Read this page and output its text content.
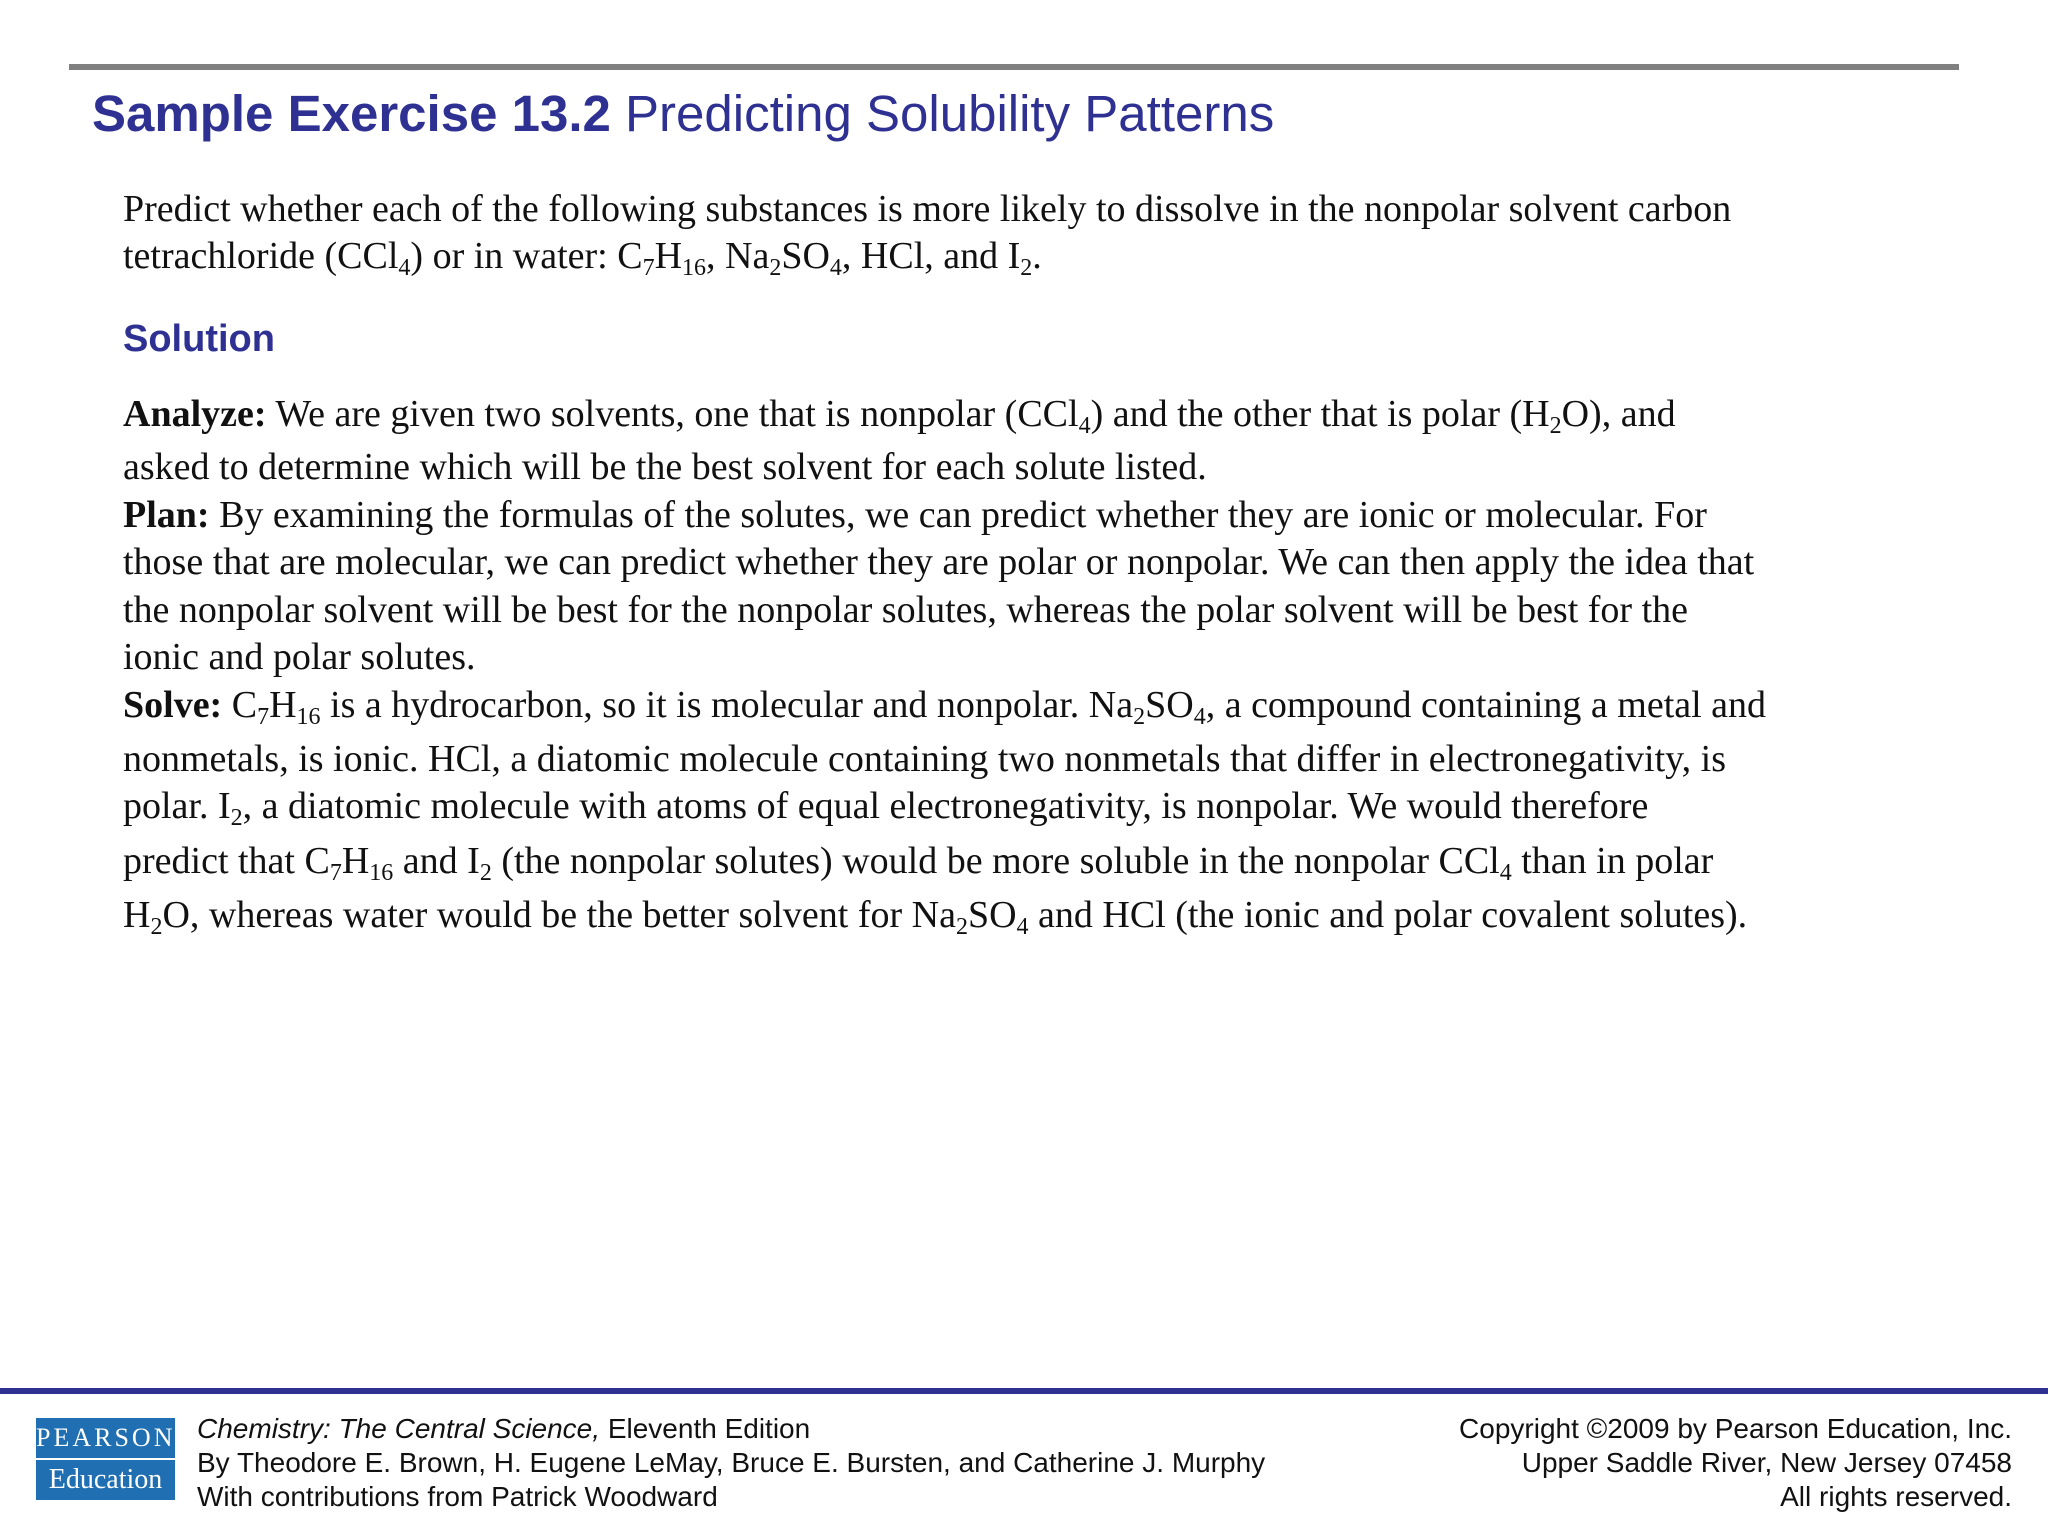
Sample Exercise 13.2 Predicting Solubility Patterns
Predict whether each of the following substances is more likely to dissolve in the nonpolar solvent carbon
tetrachloride (CCl$_4$) or in water: $C_7H_{16}$, $Na_2SO_4$, HCl, and $I_2$.
Solution
Analyze: We are given two solvents, one that is nonpolar (CCl$_4$) and the other that is polar $(H_2O)$, and
asked to determine which will be the best solvent for each solute listed.
Plan: By examining the formulas of the solutes, we can predict whether they are ionic or molecular. For
those that are molecular, we can predict whether they are polar or nonpolar. We can then apply the idea that
the nonpolar solvent will be best for the nonpolar solutes, whereas the polar solvent will be best for the
ionic and polar solutes.
Solve: $C_7H_{16}$ is a hydrocarbon, so it is molecular and nonpolar. $Na_2SO_4$, a compound containing a metal and
nonmetals, is ionic. HCl, a diatomic molecule containing two nonmetals that differ in electronegativity, is
polar. $I_2$, a diatomic molecule with atoms of equal electronegativity, is nonpolar. We would therefore
predict that $C_7H_{16}$ and $I_2$ (the nonpolar solutes) would be more soluble in the nonpolar CCl$_4$ than in polar
$H_2O$, whereas water would be the better solvent for $Na_2SO_4$ and HCl (the ionic and polar covalent solutes).
PEARSON
Education
Chemistry: The Central Science, Eleventh Edition
By Theodore E. Brown, H. Eugene LeMay, Bruce E. Bursten, and Catherine J. Murphy
With contributions from Patrick Woodward
Copyright ©2009 by Pearson Education, Inc.
Upper Saddle River, New Jersey 07458
All rights reserved.
